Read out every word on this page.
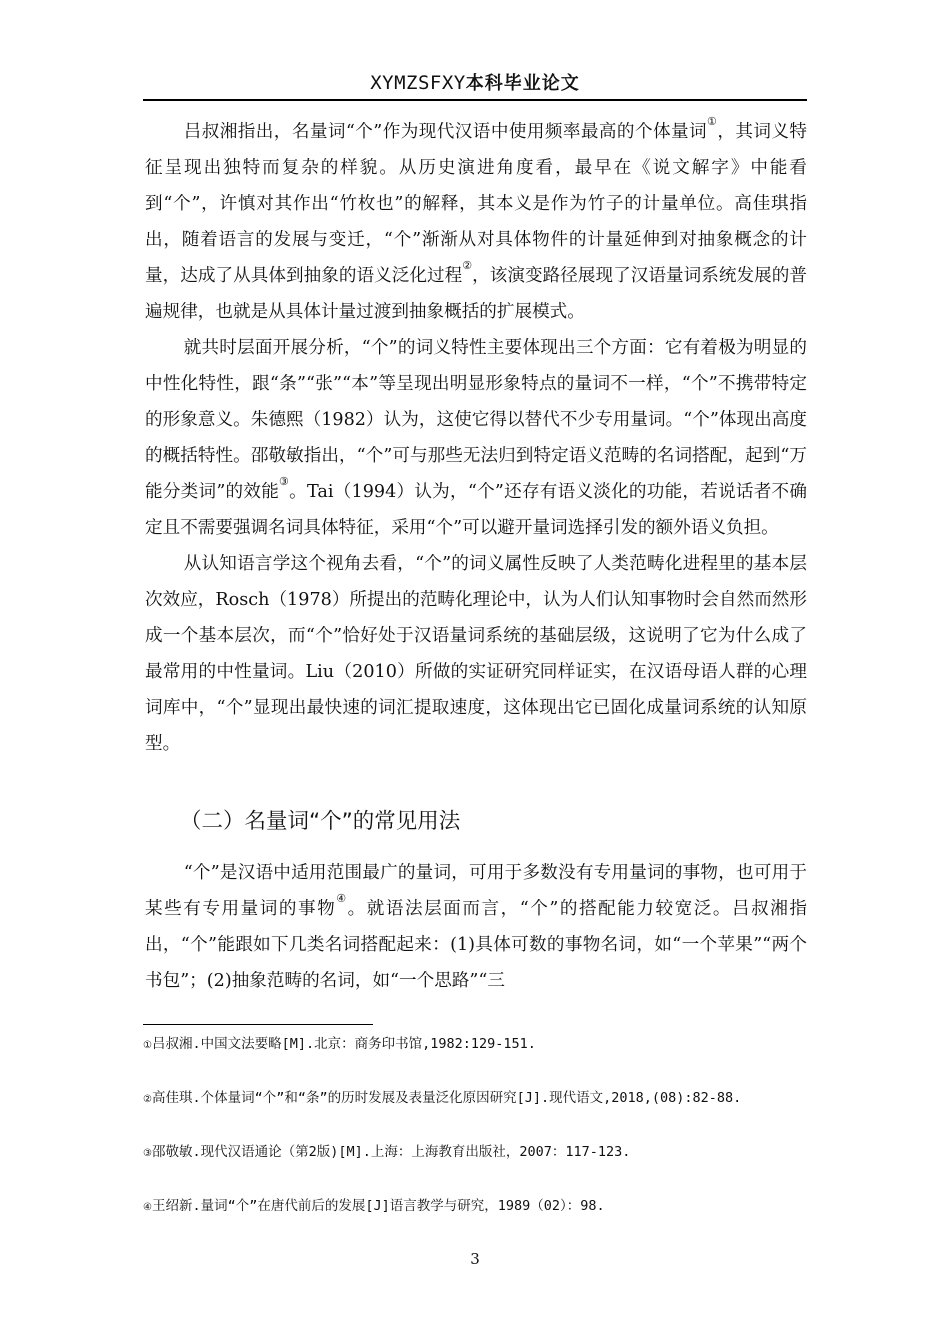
XYMZSFXY本科毕业论文

吕叔湘指出，名量词“个”作为现代汉语中使用频率最高的个体量词①，其词义特征呈现出独特而复杂的样貌。从历史演进角度看，最早在《说文解字》中能看到“个”，许慎对其作出“竹枚也”的解释，其本义是作为竹子的计量单位。高佳琪指出，随着语言的发展与变迁，“个”渐渐从对具体物件的计量延伸到对抽象概念的计量，达成了从具体到抽象的语义泛化过程②，该演变路径展现了汉语量词系统发展的普遍规律，也就是从具体计量过渡到抽象概括的扩展模式。

就共时层面开展分析，“个”的词义特性主要体现出三个方面：它有着极为明显的中性化特性，跟“条”“张”“本”等呈现出明显形象特点的量词不一样，“个”不携带特定的形象意义。朱德熙（1982）认为，这使它得以替代不少专用量词。“个”体现出高度的概括特性。邵敬敏指出，“个”可与那些无法归到特定语义范畴的名词搭配，起到“万能分类词”的效能③。Tai（1994）认为，“个”还存有语义淡化的功能，若说话者不确定且不需要强调名词具体特征，采用“个”可以避开量词选择引发的额外语义负担。

从认知语言学这个视角去看，“个”的词义属性反映了人类范畴化进程里的基本层次效应，Rosch（1978）所提出的范畴化理论中，认为人们认知事物时会自然而然形成一个基本层次，而“个”恰好处于汉语量词系统的基础层级，这说明了它为什么成了最常用的中性量词。Liu（2010）所做的实证研究同样证实，在汉语母语人群的心理词库中，“个”显现出最快速的词汇提取速度，这体现出它已固化成量词系统的认知原型。

（二）名量词“个”的常见用法

“个”是汉语中适用范围最广的量词，可用于多数没有专用量词的事物，也可用于某些有专用量词的事物④。就语法层面而言，“个”的搭配能力较宽泛。吕叔湘指出，“个”能跟如下几类名词搭配起来：(1)具体可数的事物名词，如“一个苹果”“两个书包”；(2)抽象范畴的名词，如“一个思路”“三

①吕叔湘.中国文法要略[M].北京：商务印书馆,1982:129-151.

②高佳琪.个体量词“个”和“条”的历时发展及表量泛化原因研究[J].现代语文,2018,(08):82-88.

③邵敬敏.现代汉语通论（第2版)[M].上海：上海教育出版社，2007：117-123.

④王绍新.量词“个”在唐代前后的发展[J]语言教学与研究，1989（02）：98.

3
